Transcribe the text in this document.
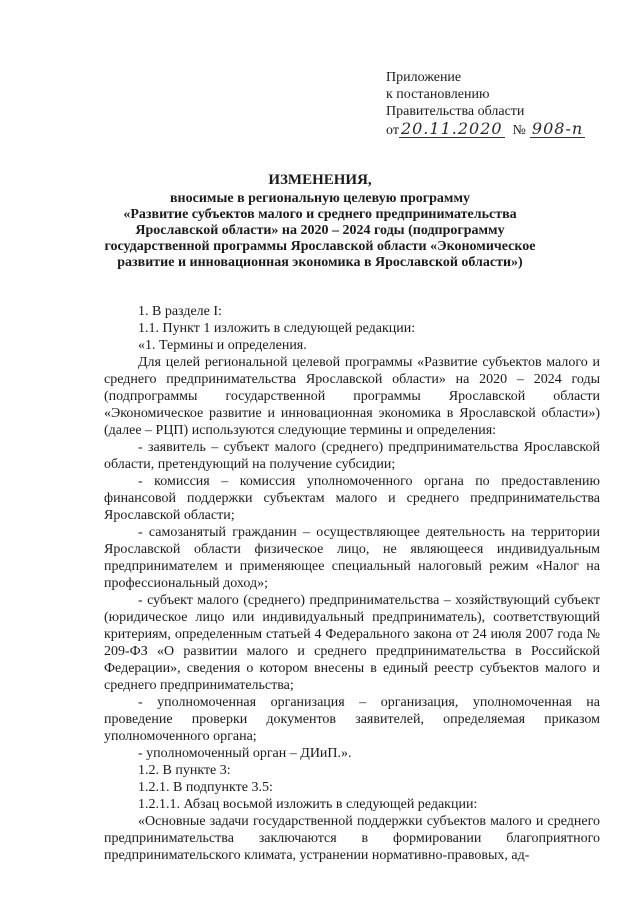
Приложение
к постановлению
Правительства области
от 20.11.2020 № 908-п
ИЗМЕНЕНИЯ,
вносимые в региональную целевую программу
«Развитие субъектов малого и среднего предпринимательства
Ярославской области» на 2020 – 2024 годы (подпрограмму
государственной программы Ярославской области «Экономическое
развитие и инновационная экономика в Ярославской области»)

1. В разделе I:

1.1. Пункт 1 изложить в следующей редакции:

«1. Термины и определения.

Для целей региональной целевой программы «Развитие субъектов малого и среднего предпринимательства Ярославской области» на 2020 – 2024 годы (подпрограммы государственной программы Ярославской области «Экономическое развитие и инновационная экономика в Ярославской области») (далее – РЦП) используются следующие термины и определения:

- заявитель – субъект малого (среднего) предпринимательства Ярославской области, претендующий на получение субсидии;

- комиссия – комиссия уполномоченного органа по предоставлению финансовой поддержки субъектам малого и среднего предпринимательства Ярославской области;

- самозанятый гражданин – осуществляющее деятельность на территории Ярославской области физическое лицо, не являющееся индивидуальным предпринимателем и применяющее специальный налоговый режим «Налог на профессиональный доход»;

- субъект малого (среднего) предпринимательства – хозяйствующий субъект (юридическое лицо или индивидуальный предприниматель), соответствующий критериям, определенным статьей 4 Федерального закона от 24 июля 2007 года № 209-ФЗ «О развитии малого и среднего предпринимательства в Российской Федерации», сведения о котором внесены в единый реестр субъектов малого и среднего предпринимательства;

- уполномоченная организация – организация, уполномоченная на проведение проверки документов заявителей, определяемая приказом уполномоченного органа;

- уполномоченный орган – ДИиП.».

1.2. В пункте 3:

1.2.1. В подпункте 3.5:

1.2.1.1. Абзац восьмой изложить в следующей редакции:

«Основные задачи государственной поддержки субъектов малого и среднего предпринимательства заключаются в формировании благоприятного предпринимательского климата, устранении нормативно-правовых, ад-
